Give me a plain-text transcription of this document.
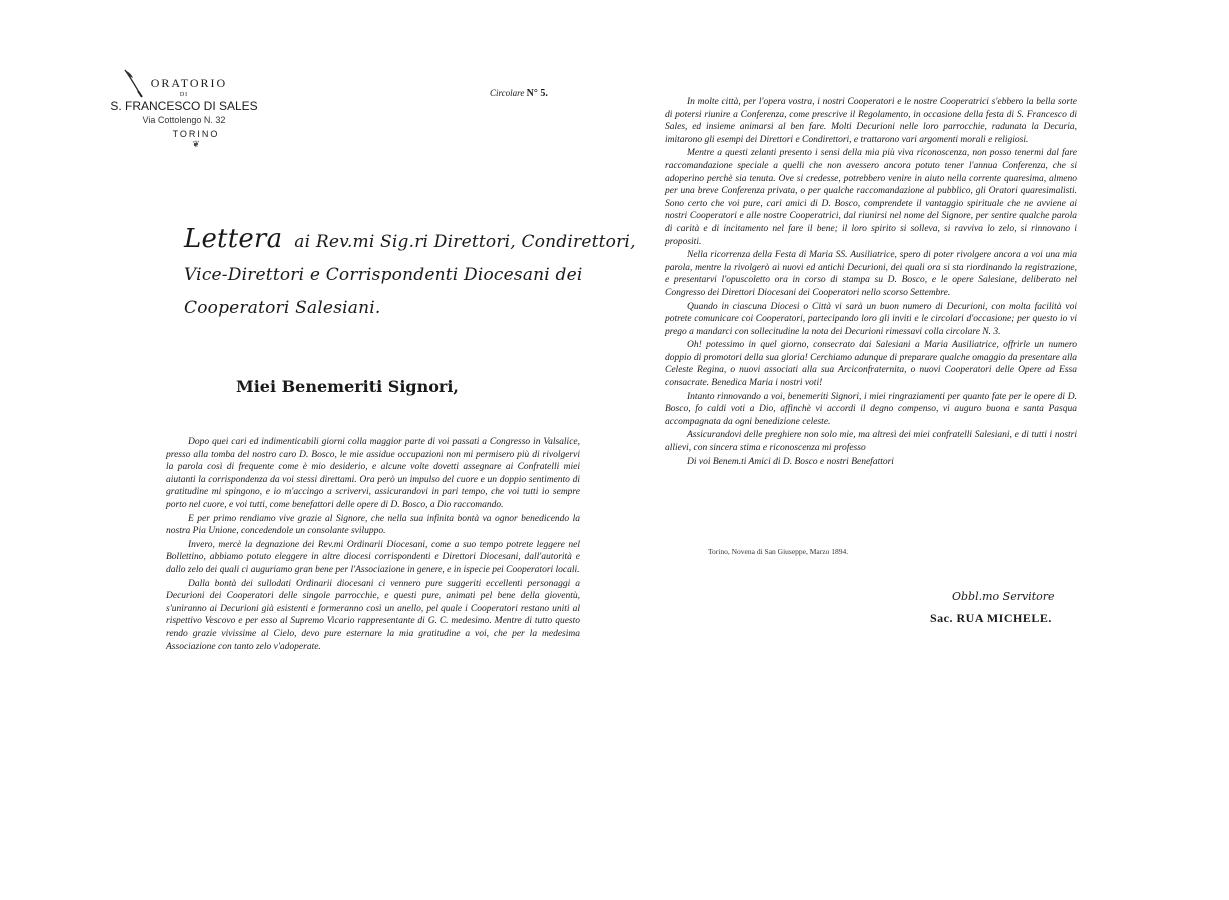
ORATORIO
DI
S. FRANCESCO DI SALES
Via Cottolengo N. 32
TORINO
❦
Circolare N° 5.
Lettera ai Rev.mi Sig.ri Direttori, Condirettori,
Vice-Direttori e Corrispondenti Diocesani dei
Cooperatori Salesiani.
Miei Benemeriti Signori,

Dopo quei cari ed indimenticabili giorni colla maggior parte di voi passati a Congresso in Valsalice, presso alla tomba del nostro caro D. Bosco, le mie assidue occupazioni non mi permisero più di rivolgervi la parola così di frequente come è mio desiderio, e alcune volte dovetti assegnare ai Confratelli miei aiutanti la corrispondenza da voi stessi direttami. Ora però un impulso del cuore e un doppio sentimento di gratitudine mi spingono, e io m'accingo a scrivervi, assicurandovi in pari tempo, che voi tutti io sempre porto nel cuore, e voi tutti, come benefattori delle opere di D. Bosco, a Dio raccomando.

E per primo rendiamo vive grazie al Signore, che nella sua infinita bontà va ognor benedicendo la nostra Pia Unione, concedendole un consolante sviluppo.

Invero, mercè la degnazione dei Rev.mi Ordinarii Diocesani, come a suo tempo potrete leggere nel Bollettino, abbiamo potuto eleggere in altre diocesi corrispondenti e Direttori Diocesani, dall'autorità e dallo zelo dei quali ci auguriamo gran bene per l'Associazione in genere, e in ispecie pei Cooperatori locali.

Dalla bontà dei sullodati Ordinarii diocesani ci vennero pure suggeriti eccellenti personaggi a Decurioni dei Cooperatori delle singole parrocchie, e questi pure, animati pel bene della gioventù, s'uniranno ai Decurioni già esistenti e formeranno così un anello, pel quale i Cooperatori restano uniti al rispettivo Vescovo e per esso al Supremo Vicario rappresentante di G. C. medesimo. Mentre di tutto questo rendo grazie vivissime al Cielo, devo pure esternare la mia gratitudine a voi, che per la medesima Associazione con tanto zelo v'adoperate.

In molte città, per l'opera vostra, i nostri Cooperatori e le nostre Cooperatrici s'ebbero la bella sorte di potersi riunire a Conferenza, come prescrive il Regolamento, in occasione della festa di S. Francesco di Sales, ed insieme animarsi al ben fare. Molti Decurioni nelle loro parrocchie, radunata la Decuria, imitarono gli esempi dei Direttori e Condirettori, e trattarono vari argomenti morali e religiosi.

Mentre a questi zelanti presento i sensi della mia più viva riconoscenza, non posso tenermi dal fare raccomandazione speciale a quelli che non avessero ancora potuto tener l'annua Conferenza, che si adoperino perchè sia tenuta. Ove si credesse, potrebbero venire in aiuto nella corrente quaresima, almeno per una breve Conferenza privata, o per qualche raccomandazione al pubblico, gli Oratori quaresimalisti. Sono certo che voi pure, cari amici di D. Bosco, comprendete il vantaggio spirituale che ne avviene ai nostri Cooperatori e alle nostre Cooperatrici, dal riunirsi nel nome del Signore, per sentire qualche parola di carità e di incitamento nel fare il bene; il loro spirito si solleva, si ravviva lo zelo, si rinnovano i propositi.

Nella ricorrenza della Festa di Maria SS. Ausiliatrice, spero di poter rivolgere ancora a voi una mia parola, mentre la rivolgerò ai nuovi ed antichi Decurioni, dei quali ora si sta riordinando la registrazione, e presentarvi l'opuscoletto ora in corso di stampa su D. Bosco, e le opere Salesiane, deliberato nel Congresso dei Direttori Diocesani dei Cooperatori nello scorso Settembre.

Quando in ciascuna Diocesi o Città vi sarà un buon numero di Decurioni, con molta facilità voi potrete comunicare coi Cooperatori, partecipando loro gli inviti e le circolari d'occasione; per questo io vi prego a mandarci con sollecitudine la nota dei Decurioni rimessavi colla circolare N. 3.

Oh! potessimo in quel giorno, consecrato dai Salesiani a Maria Ausiliatrice, offrirle un numero doppio di promotori della sua gloria! Cerchiamo adunque di preparare qualche omaggio da presentare alla Celeste Regina, o nuovi associati alla sua Arciconfraternita, o nuovi Cooperatori delle Opere ad Essa consacrate. Benedica Maria i nostri voti!

Intanto rinnovando a voi, benemeriti Signori, i miei ringraziamenti per quanto fate per le opere di D. Bosco, fo caldi voti a Dio, affinchè vi accordi il degno compenso, vi auguro buona e santa Pasqua accompagnata da ogni benedizione celeste.

Assicurandovi delle preghiere non solo mie, ma altresì dei miei confratelli Salesiani, e di tutti i nostri allievi, con sincera stima e riconoscenza mi professo

Di voi Benem.ti Amici di D. Bosco e nostri Benefattori

Torino, Novena di San Giuseppe, Marzo 1894.
Obbl.mo Servitore
Sac. RUA MICHELE.
